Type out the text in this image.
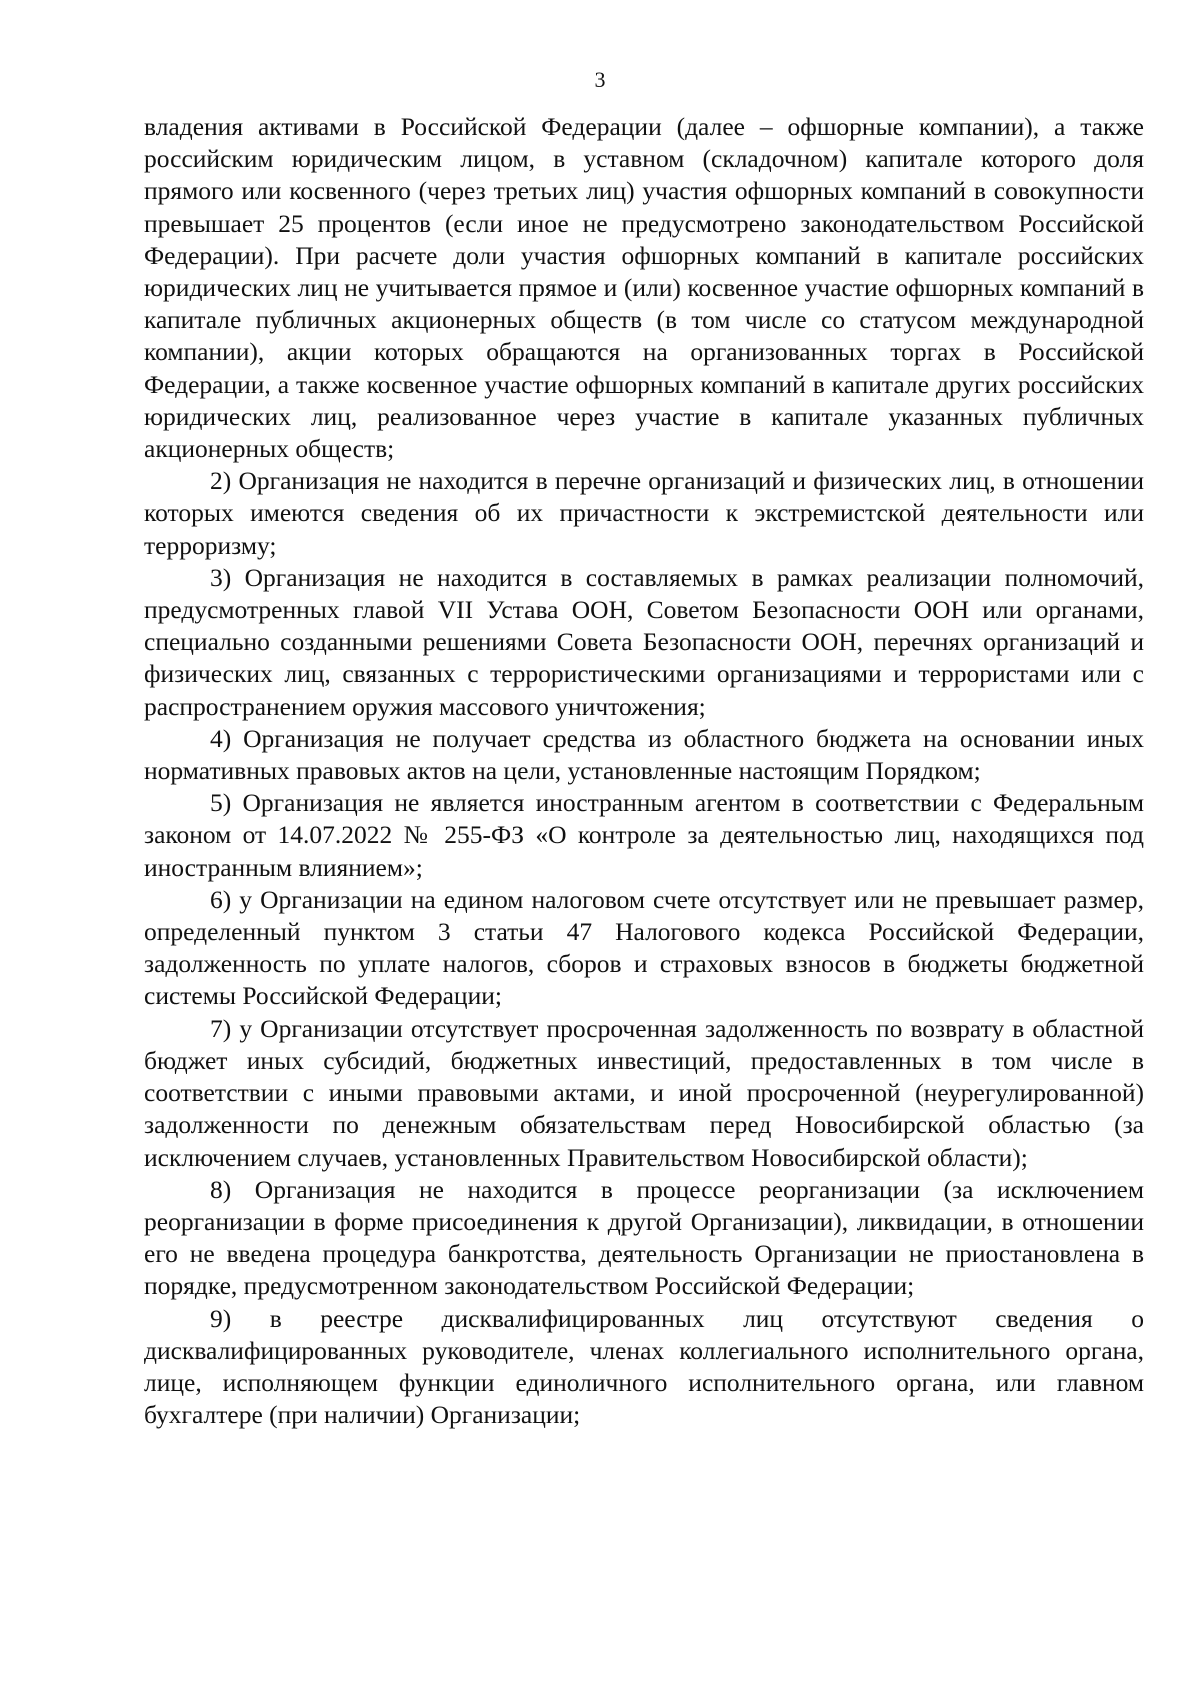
3

владения активами в Российской Федерации (далее – офшорные компании), а также российским юридическим лицом, в уставном (складочном) капитале которого доля прямого или косвенного (через третьих лиц) участия офшорных компаний в совокупности превышает 25 процентов (если иное не предусмотрено законодательством Российской Федерации). При расчете доли участия офшорных компаний в капитале российских юридических лиц не учитывается прямое и (или) косвенное участие офшорных компаний в капитале публичных акционерных обществ (в том числе со статусом международной компании), акции которых обращаются на организованных торгах в Российской Федерации, а также косвенное участие офшорных компаний в капитале других российских юридических лиц, реализованное через участие в капитале указанных публичных акционерных обществ;

2) Организация не находится в перечне организаций и физических лиц, в отношении которых имеются сведения об их причастности к экстремистской деятельности или терроризму;

3) Организация не находится в составляемых в рамках реализации полномочий, предусмотренных главой VII Устава ООН, Советом Безопасности ООН или органами, специально созданными решениями Совета Безопасности ООН, перечнях организаций и физических лиц, связанных с террористическими организациями и террористами или с распространением оружия массового уничтожения;

4) Организация не получает средства из областного бюджета на основании иных нормативных правовых актов на цели, установленные настоящим Порядком;

5) Организация не является иностранным агентом в соответствии с Федеральным законом от 14.07.2022 № 255-ФЗ «О контроле за деятельностью лиц, находящихся под иностранным влиянием»;

6) у Организации на едином налоговом счете отсутствует или не превышает размер, определенный пунктом 3 статьи 47 Налогового кодекса Российской Федерации, задолженность по уплате налогов, сборов и страховых взносов в бюджеты бюджетной системы Российской Федерации;

7) у Организации отсутствует просроченная задолженность по возврату в областной бюджет иных субсидий, бюджетных инвестиций, предоставленных в том числе в соответствии с иными правовыми актами, и иной просроченной (неурегулированной) задолженности по денежным обязательствам перед Новосибирской областью (за исключением случаев, установленных Правительством Новосибирской области);

8) Организация не находится в процессе реорганизации (за исключением реорганизации в форме присоединения к другой Организации), ликвидации, в отношении его не введена процедура банкротства, деятельность Организации не приостановлена в порядке, предусмотренном законодательством Российской Федерации;

9) в реестре дисквалифицированных лиц отсутствуют сведения о дисквалифицированных руководителе, членах коллегиального исполнительного органа, лице, исполняющем функции единоличного исполнительного органа, или главном бухгалтере (при наличии) Организации;
